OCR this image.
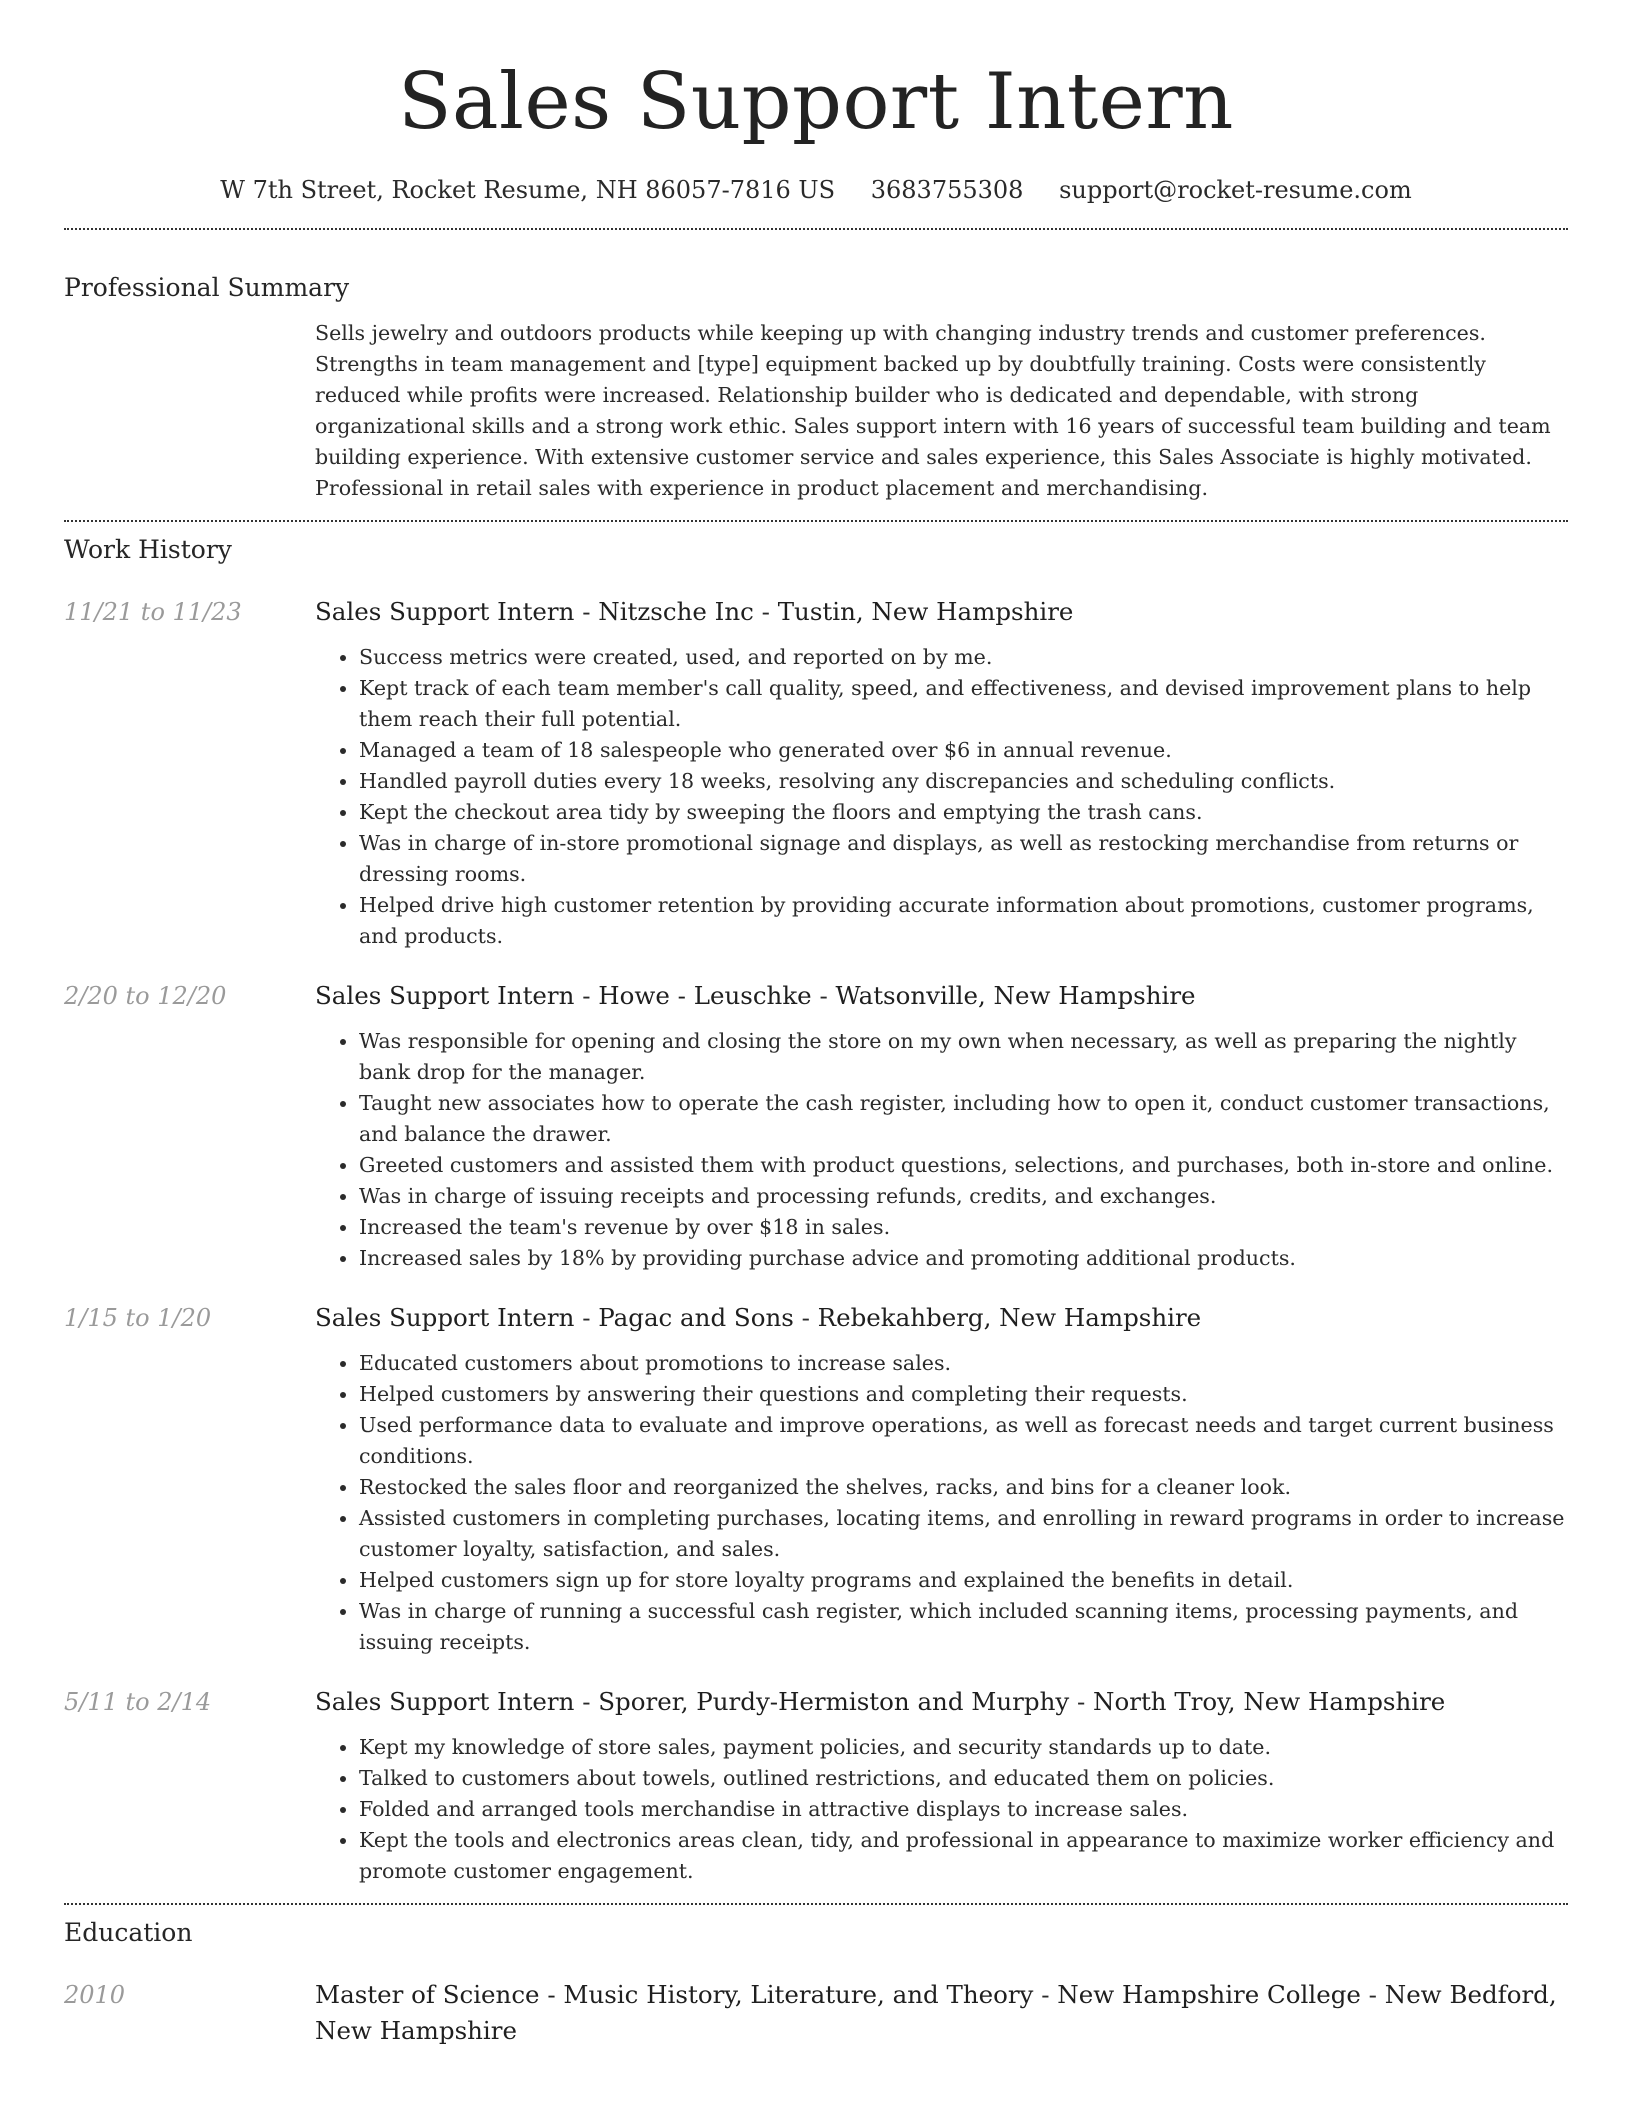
Sales Support Intern
W 7th Street, Rocket Resume, NH 86057-7816 US 3683755308 support@rocket-resume.com
Professional Summary
Sells jewelry and outdoors products while keeping up with changing industry trends and customer preferences. Strengths in team management and [type] equipment backed up by doubtfully training. Costs were consistently reduced while profits were increased. Relationship builder who is dedicated and dependable, with strong organizational skills and a strong work ethic. Sales support intern with 16 years of successful team building and team building experience. With extensive customer service and sales experience, this Sales Associate is highly motivated. Professional in retail sales with experience in product placement and merchandising.
Work History
11/21 to 11/23	Sales Support Intern - Nitzsche Inc - Tustin, New Hampshire
• Success metrics were created, used, and reported on by me.
• Kept track of each team member's call quality, speed, and effectiveness, and devised improvement plans to help them reach their full potential.
• Managed a team of 18 salespeople who generated over $6 in annual revenue.
• Handled payroll duties every 18 weeks, resolving any discrepancies and scheduling conflicts.
• Kept the checkout area tidy by sweeping the floors and emptying the trash cans.
• Was in charge of in-store promotional signage and displays, as well as restocking merchandise from returns or dressing rooms.
• Helped drive high customer retention by providing accurate information about promotions, customer programs, and products.
2/20 to 12/20	Sales Support Intern - Howe - Leuschke - Watsonville, New Hampshire
• Was responsible for opening and closing the store on my own when necessary, as well as preparing the nightly bank drop for the manager.
• Taught new associates how to operate the cash register, including how to open it, conduct customer transactions, and balance the drawer.
• Greeted customers and assisted them with product questions, selections, and purchases, both in-store and online.
• Was in charge of issuing receipts and processing refunds, credits, and exchanges.
• Increased the team's revenue by over $18 in sales.
• Increased sales by 18% by providing purchase advice and promoting additional products.
1/15 to 1/20	Sales Support Intern - Pagac and Sons - Rebekahberg, New Hampshire
• Educated customers about promotions to increase sales.
• Helped customers by answering their questions and completing their requests.
• Used performance data to evaluate and improve operations, as well as forecast needs and target current business conditions.
• Restocked the sales floor and reorganized the shelves, racks, and bins for a cleaner look.
• Assisted customers in completing purchases, locating items, and enrolling in reward programs in order to increase customer loyalty, satisfaction, and sales.
• Helped customers sign up for store loyalty programs and explained the benefits in detail.
• Was in charge of running a successful cash register, which included scanning items, processing payments, and issuing receipts.
5/11 to 2/14	Sales Support Intern - Sporer, Purdy-Hermiston and Murphy - North Troy, New Hampshire
• Kept my knowledge of store sales, payment policies, and security standards up to date.
• Talked to customers about towels, outlined restrictions, and educated them on policies.
• Folded and arranged tools merchandise in attractive displays to increase sales.
• Kept the tools and electronics areas clean, tidy, and professional in appearance to maximize worker efficiency and promote customer engagement.
Education
2010	Master of Science - Music History, Literature, and Theory - New Hampshire College - New Bedford, New Hampshire
